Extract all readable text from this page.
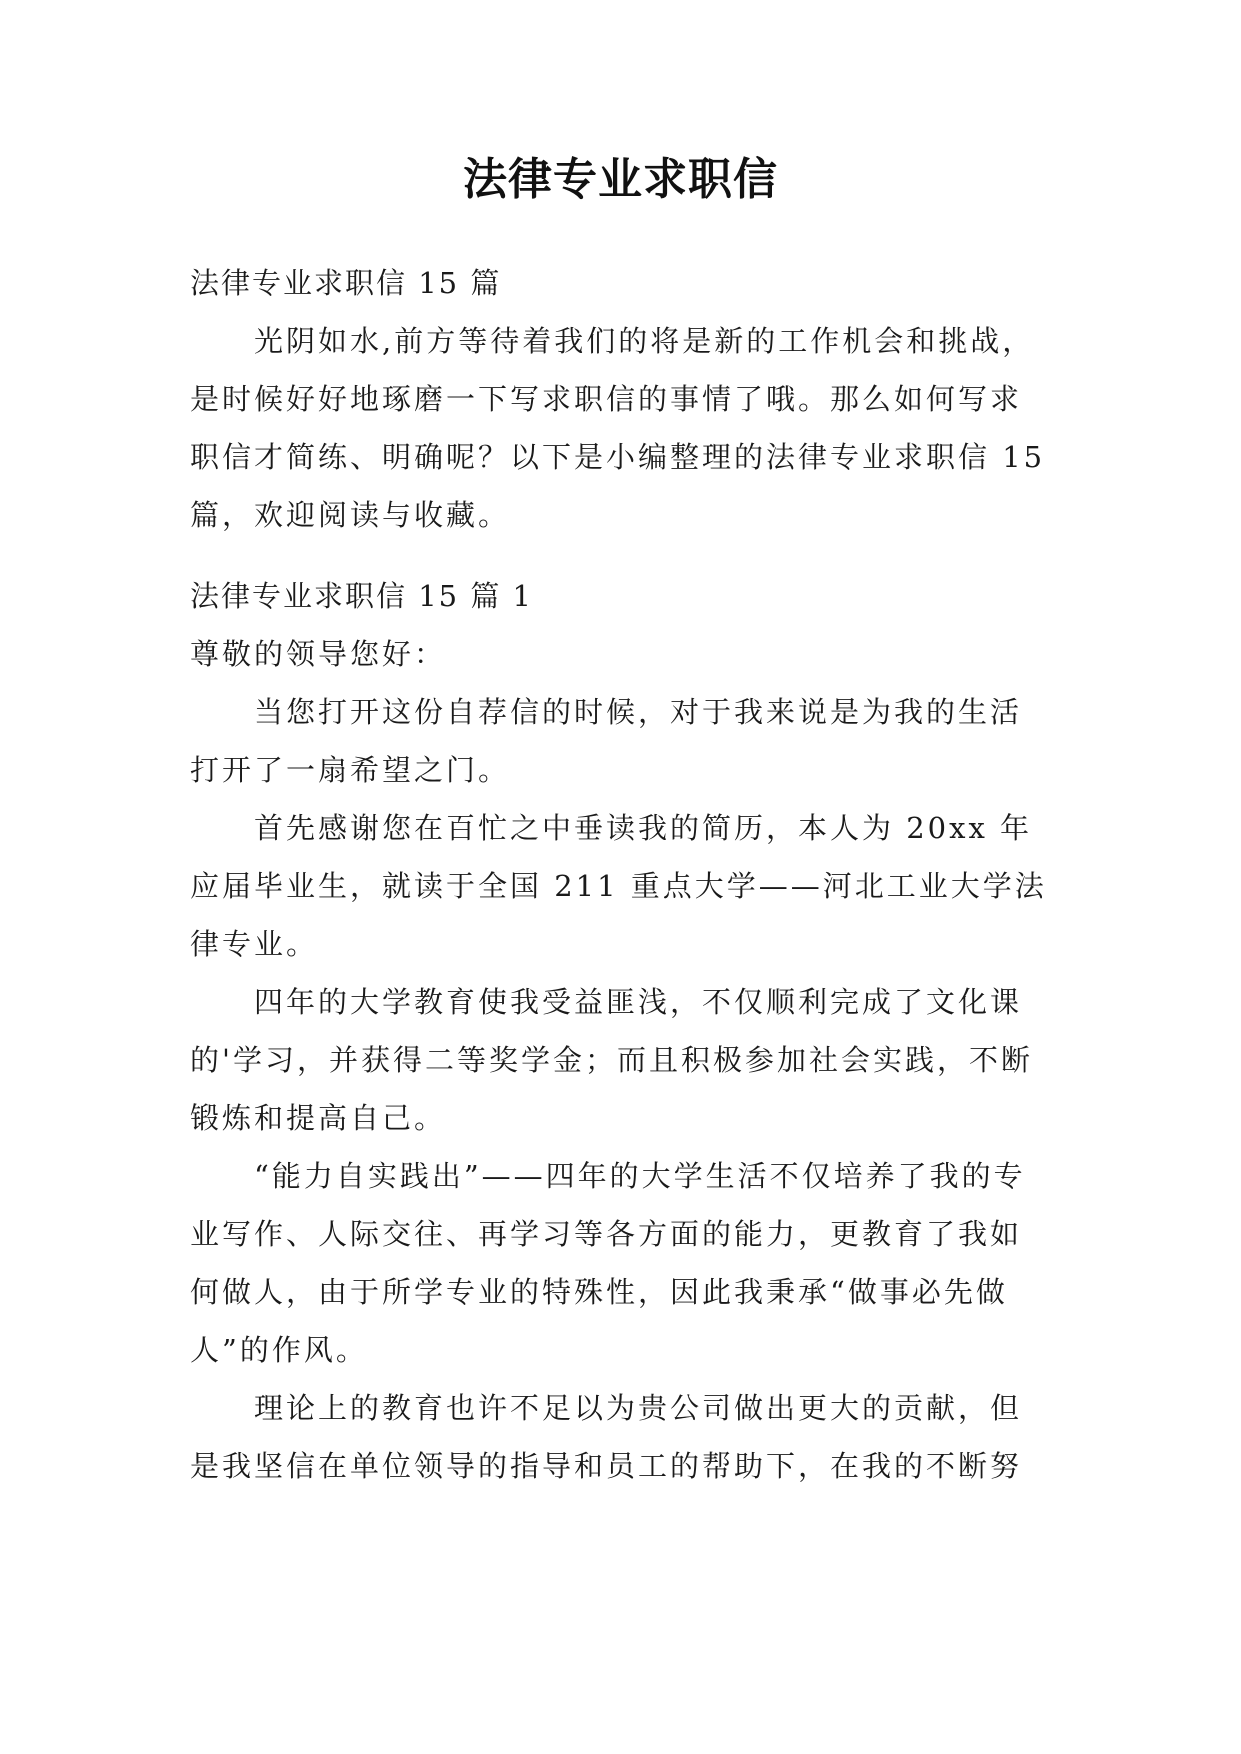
法律专业求职信

法律专业求职信 15 篇

光阴如水,前方等待着我们的将是新的工作机会和挑战，是时候好好地琢磨一下写求职信的事情了哦。那么如何写求职信才简练、明确呢？以下是小编整理的法律专业求职信 15 篇，欢迎阅读与收藏。

法律专业求职信 15 篇 1

尊敬的领导您好：

当您打开这份自荐信的时候，对于我来说是为我的生活打开了一扇希望之门。

首先感谢您在百忙之中垂读我的简历，本人为 20xx 年应届毕业生，就读于全国 211 重点大学——河北工业大学法律专业。

四年的大学教育使我受益匪浅，不仅顺利完成了文化课的'学习，并获得二等奖学金；而且积极参加社会实践，不断锻炼和提高自己。

“能力自实践出”——四年的大学生活不仅培养了我的专业写作、人际交往、再学习等各方面的能力，更教育了我如何做人，由于所学专业的特殊性，因此我秉承“做事必先做人”的作风。

理论上的教育也许不足以为贵公司做出更大的贡献，但是我坚信在单位领导的指导和员工的帮助下，在我的不断努
